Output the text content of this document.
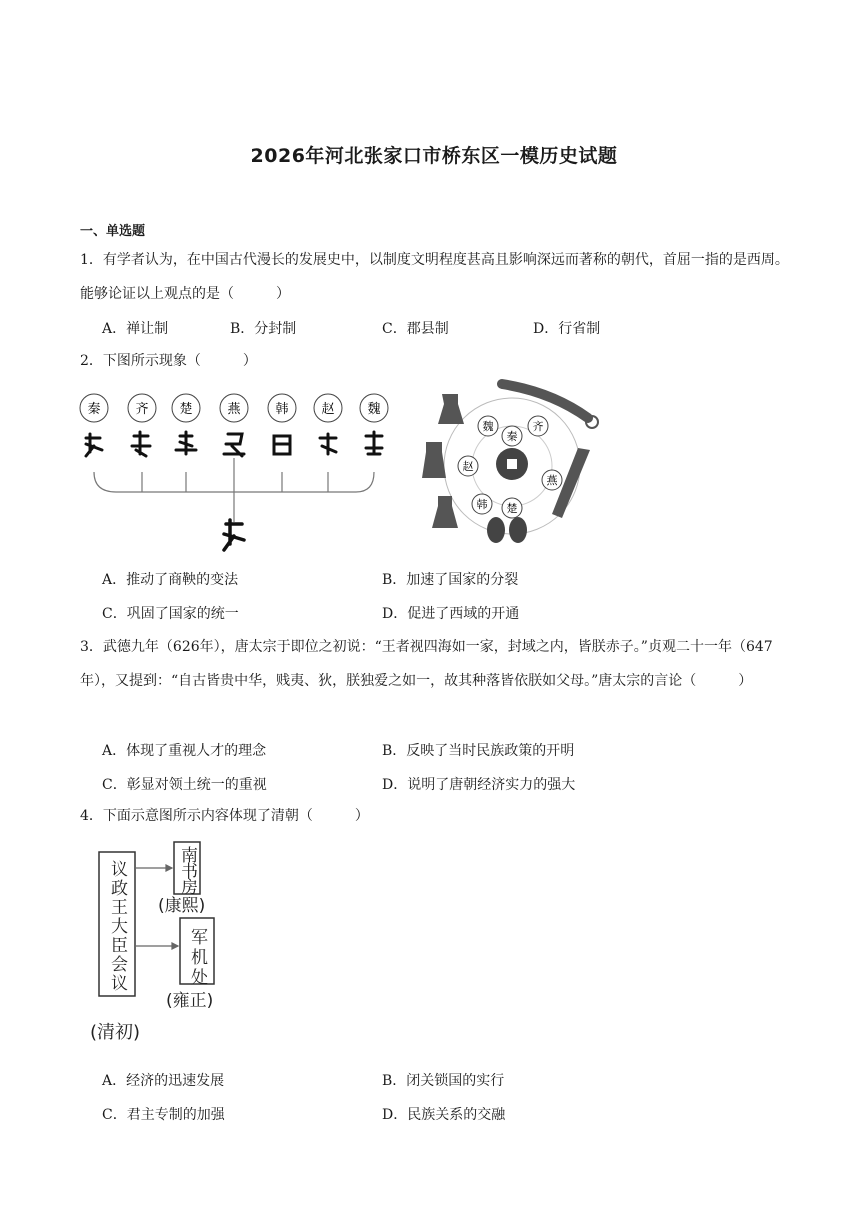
2026年河北张家口市桥东区一模历史试题
一、单选题
1．有学者认为，在中国古代漫长的发展史中，以制度文明程度甚高且影响深远而著称的朝代，首屈一指的是西周。能够论证以上观点的是（　　　）
A．禅让制	B．分封制	C．郡县制	D．行省制
2．下图所示现象（　　　）
秦	齐 楚	燕	韩	赵	魏
魏	齐
秦
赵
燕
韩 楚
A．推动了商鞅的变法	B．加速了国家的分裂
C．巩固了国家的统一	D．促进了西域的开通
3．武德九年（626年），唐太宗于即位之初说：“王者视四海如一家，封域之内，皆朕赤子。”贞观二十一年（647年），又提到：“自古皆贵中华，贱夷、狄，朕独爱之如一，故其种落皆依朕如父母。”唐太宗的言论（　　　）
A．体现了重视人才的理念	B．反映了当时民族政策的开明
C．彰显对领土统一的重视	D．说明了唐朝经济实力的强大
4．下面示意图所示内容体现了清朝（　　　）
议政王大臣会议	南书房
(康熙)
军机处
(雍正)
(清初)
A．经济的迅速发展	B．闭关锁国的实行
C．君主专制的加强	D．民族关系的交融
